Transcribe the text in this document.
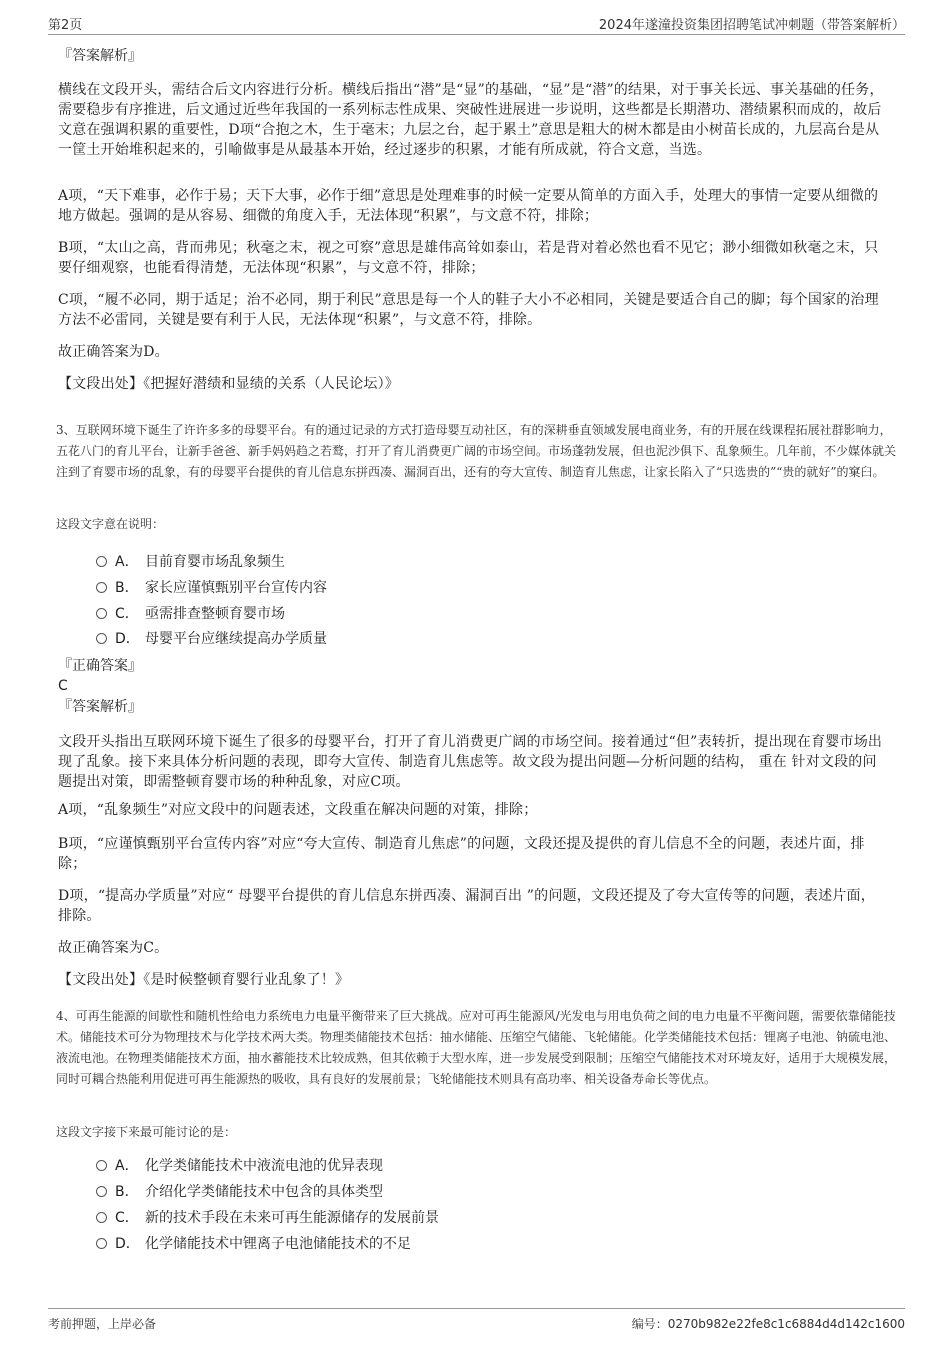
第2页	2024年遂潼投资集团招聘笔试冲刺题（带答案解析）
『答案解析』
横线在文段开头，需结合后文内容进行分析。横线后指出“潜”是“显”的基础，“显”是“潜”的结果，对于事关长远、事关基础的任务，需要稳步有序推进，后文通过近些年我国的一系列标志性成果、突破性进展进一步说明，这些都是长期潜功、潜绩累积而成的，故后文意在强调积累的重要性，D项“合抱之木，生于毫末；九层之台，起于累土”意思是粗大的树木都是由小树苗长成的，九层高台是从一筐土开始堆积起来的，引喻做事是从最基本开始，经过逐步的积累，才能有所成就，符合文意，当选。
A项，“天下难事，必作于易；天下大事，必作于细”意思是处理难事的时候一定要从简单的方面入手，处理大的事情一定要从细微的地方做起。强调的是从容易、细微的角度入手，无法体现“积累”，与文意不符，排除；
B项，“太山之高，背而弗见；秋毫之末，视之可察”意思是雄伟高耸如泰山，若是背对着必然也看不见它；渺小细微如秋毫之末，只要仔细观察，也能看得清楚，无法体现“积累”，与文意不符，排除；
C项，“履不必同，期于适足；治不必同，期于利民”意思是每一个人的鞋子大小不必相同，关键是要适合自己的脚；每个国家的治理方法不必雷同，关键是要有利于人民，无法体现“积累”，与文意不符，排除。
故正确答案为D。
【文段出处】《把握好潜绩和显绩的关系（人民论坛）》
3、互联网环境下诞生了许许多多的母婴平台。有的通过记录的方式打造母婴互动社区，有的深耕垂直领域发展电商业务，有的开展在线课程拓展社群影响力，五花八门的育儿平台，让新手爸爸、新手妈妈趋之若鹜，打开了育儿消费更广阔的市场空间。市场蓬勃发展，但也泥沙俱下、乱象频生。几年前，不少媒体就关注到了育婴市场的乱象，有的母婴平台提供的育儿信息东拼西凑、漏洞百出，还有的夸大宣传、制造育儿焦虑，让家长陷入了“只选贵的”“贵的就好”的窠臼。
这段文字意在说明：
A． 目前育婴市场乱象频生
B． 家长应谨慎甄别平台宣传内容
C． 亟需排查整顿育婴市场
D． 母婴平台应继续提高办学质量
『正确答案』
C
『答案解析』
文段开头指出互联网环境下诞生了很多的母婴平台，打开了育儿消费更广阔的市场空间。接着通过“但”表转折，提出现在育婴市场出现了乱象。接下来具体分析问题的表现，即夸大宣传、制造育儿焦虑等。故文段为提出问题—分析问题的结构， 重在 针对文段的问题提出对策，即需整顿育婴市场的种种乱象，对应C项。
A项，“乱象频生”对应文段中的问题表述，文段重在解决问题的对策，排除；
B项，“应谨慎甄别平台宣传内容”对应“夸大宣传、制造育儿焦虑”的问题，文段还提及提供的育儿信息不全的问题，表述片面，排除；
D项，“提高办学质量”对应“ 母婴平台提供的育儿信息东拼西凑、漏洞百出 ”的问题，文段还提及了夸大宣传等的问题，表述片面，排除。
故正确答案为C。
【文段出处】《是时候整顿育婴行业乱象了！》
4、可再生能源的间歇性和随机性给电力系统电力电量平衡带来了巨大挑战。应对可再生能源风/光发电与用电负荷之间的电力电量不平衡问题，需要依靠储能技术。储能技术可分为物理技术与化学技术两大类。物理类储能技术包括：抽水储能、压缩空气储能、飞轮储能。化学类储能技术包括：锂离子电池、钠硫电池、液流电池。在物理类储能技术方面，抽水蓄能技术比较成熟，但其依赖于大型水库，进一步发展受到限制；压缩空气储能技术对环境友好，适用于大规模发展，同时可耦合热能利用促进可再生能源热的吸收，具有良好的发展前景；飞轮储能技术则具有高功率、相关设备寿命长等优点。
这段文字接下来最可能讨论的是：
A． 化学类储能技术中液流电池的优异表现
B． 介绍化学类储能技术中包含的具体类型
C． 新的技术手段在未来可再生能源储存的发展前景
D． 化学储能技术中锂离子电池储能技术的不足
考前押题，上岸必备	编号：0270b982e22fe8c1c6884d4d142c1600
